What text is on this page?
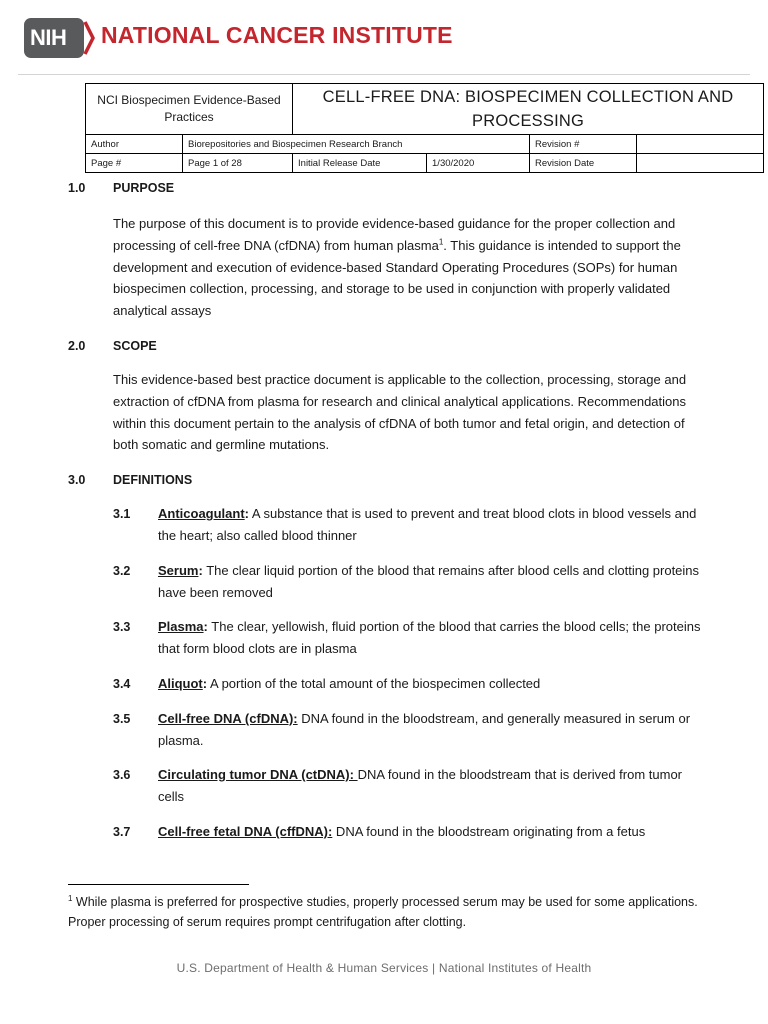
NIH	NATIONAL CANCER INSTITUTE
NCI Biospecimen Evidence-Based Practices		CELL-FREE DNA: BIOSPECIMEN COLLECTION AND PROCESSING			
Author	Biorepositories and Biospecimen Research Branch			Revision #	
Page #	Page 1 of 28	Initial Release Date	1/30/2020	Revision Date	
1.0 PURPOSE
The purpose of this document is to provide evidence-based guidance for the proper collection and processing of cell-free DNA (cfDNA) from human plasma$^1$. This guidance is intended to support the development and execution of evidence-based Standard Operating Procedures (SOPs) for human biospecimen collection, processing, and storage to be used in conjunction with properly validated analytical assays
2.0 SCOPE
This evidence-based best practice document is applicable to the collection, processing, storage and extraction of cfDNA from plasma for research and clinical analytical applications. Recommendations within this document pertain to the analysis of cfDNA of both tumor and fetal origin, and detection of both somatic and germline mutations.
3.0 DEFINITIONS
3.1 Anticoagulant: A substance that is used to prevent and treat blood clots in blood vessels and the heart; also called blood thinner
3.2 Serum: The clear liquid portion of the blood that remains after blood cells and clotting proteins have been removed
3.3 Plasma: The clear, yellowish, fluid portion of the blood that carries the blood cells; the proteins that form blood clots are in plasma
3.4 Aliquot: A portion of the total amount of the biospecimen collected
3.5 Cell-free DNA (cfDNA): DNA found in the bloodstream, and generally measured in serum or plasma.
3.6 Circulating tumor DNA (ctDNA): DNA found in the bloodstream that is derived from tumor cells
3.7 Cell-free fetal DNA (cffDNA): DNA found in the bloodstream originating from a fetus
$^1$ While plasma is preferred for prospective studies, properly processed serum may be used for some applications. Proper processing of serum requires prompt centrifugation after clotting.
U.S. Department of Health & Human Services | National Institutes of Health
